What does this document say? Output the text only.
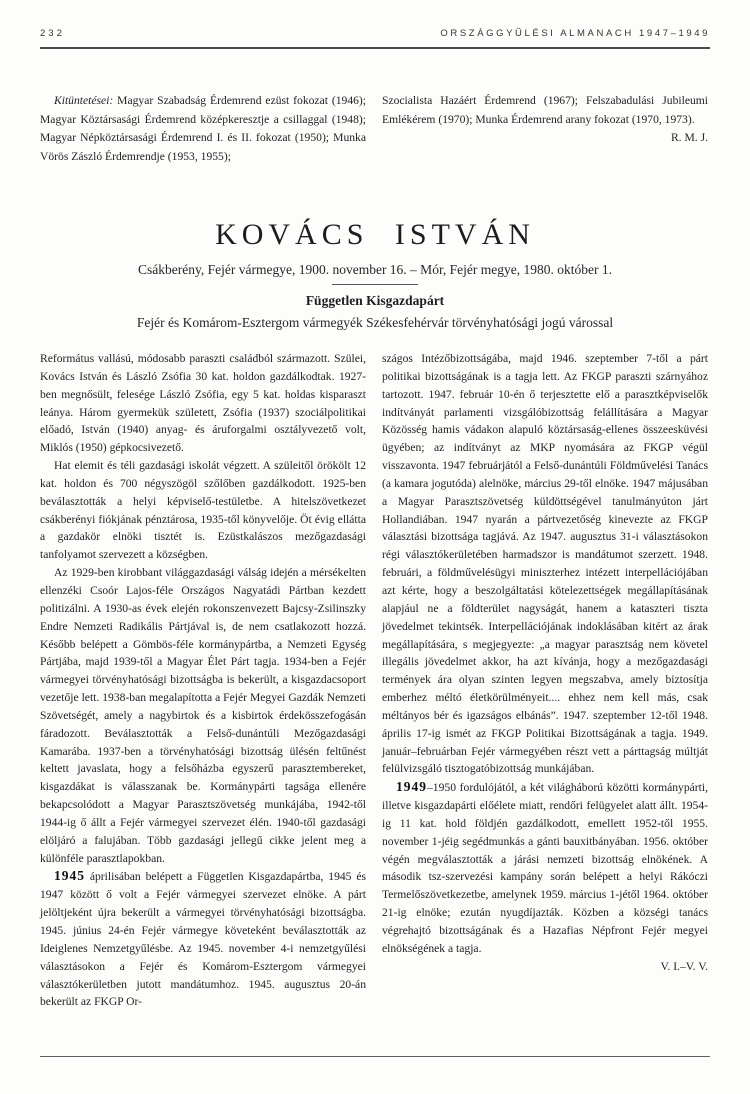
232	ORSZÁGGYŰLÉSI ALMANACH 1947–1949

Kitüntetései: Magyar Szabadság Érdemrend ezüst fokozat (1946); Magyar Köztársasági Érdemrend középkeresztje a csillaggal (1948); Magyar Népköztársasági Érdemrend I. és II. fokozat (1950); Munka Vörös Zászló Érdemrendje (1953, 1955);

Szocialista Hazáért Érdemrend (1967); Felszabadulási Jubileumi Emlékérem (1970); Munka Érdemrend arany fokozat (1970, 1973).

R. M. J.

KOVÁCS ISTVÁN

Csákberény, Fejér vármegye, 1900. november 16. – Mór, Fejér megye, 1980. október 1.

Független Kisgazdapárt

Fejér és Komárom-Esztergom vármegyék Székesfehérvár törvényhatósági jogú várossal

Református vallású, módosabb paraszti családból származott. Szülei, Kovács István és László Zsófia 30 kat. holdon gazdálkodtak. 1927-ben megnősült, felesége László Zsófia, egy 5 kat. holdas kisparaszt leánya. Három gyermekük született, Zsófia (1937) szociálpolitikai előadó, István (1940) anyag- és áruforgalmi osztályvezető volt, Miklós (1950) gépkocsivezető.

Hat elemit és téli gazdasági iskolát végzett. A szüleitől örökölt 12 kat. holdon és 700 négyszögöl szőlőben gazdálkodott. 1925-ben beválasztották a helyi képviselő-testületbe. A hitelszövetkezet csákberényi fiókjának pénztárosa, 1935-től könyvelője. Öt évig ellátta a gazdakör elnöki tisztét is. Ezüstkalászos mezőgazdasági tanfolyamot szervezett a községben.

Az 1929-ben kirobbant világgazdasági válság idején a mérsékelten ellenzéki Csoór Lajos-féle Országos Nagyatádi Pártban kezdett politizálni. A 1930-as évek elején rokonszenvezett Bajcsy-Zsilinszky Endre Nemzeti Radikális Pártjával is, de nem csatlakozott hozzá. Később belépett a Gömbös-féle kormánypártba, a Nemzeti Egység Pártjába, majd 1939-től a Magyar Élet Párt tagja. 1934-ben a Fejér vármegyei törvényhatósági bizottságba is bekerült, a kisgazdacsoport vezetője lett. 1938-ban megalapította a Fejér Megyei Gazdák Nemzeti Szövetségét, amely a nagybirtok és a kisbirtok érdekösszefogásán fáradozott. Beválasztották a Felső-dunántúli Mezőgazdasági Kamarába. 1937-ben a törvényhatósági bizottság ülésén feltűnést keltett javaslata, hogy a felsőházba egyszerű parasztembereket, kisgazdákat is válasszanak be. Kormánypárti tagsága ellenére bekapcsolódott a Magyar Parasztszövetség munkájába, 1942-től 1944-ig ő állt a Fejér vármegyei szervezet élén. 1940-től gazdasági elöljáró a falujában. Több gazdasági jellegű cikke jelent meg a különféle parasztlapokban.

1945 áprilisában belépett a Független Kisgazdapártba, 1945 és 1947 között ő volt a Fejér vármegyei szervezet elnöke. A párt jelöltjeként újra bekerült a vármegyei törvényhatósági bizottságba. 1945. június 24-én Fejér vármegye követeként beválasztották az Ideiglenes Nemzetgyűlésbe. Az 1945. november 4-i nemzetgyűlési választásokon a Fejér és Komárom-Esztergom vármegyei választókerületben jutott mandátumhoz. 1945. augusztus 20-án bekerült az FKGP Or-

szágos Intézőbizottságába, majd 1946. szeptember 7-től a párt politikai bizottságának is a tagja lett. Az FKGP paraszti szárnyához tartozott. 1947. február 10-én ő terjesztette elő a parasztképviselők indítványát parlamenti vizsgálóbizottság felállítására a Magyar Közösség hamis vádakon alapuló köztársaság-ellenes összeesküvési ügyében; az indítványt az MKP nyomására az FKGP végül visszavonta. 1947 februárjától a Felső-dunántúli Földművelési Tanács (a kamara jogutóda) alelnöke, március 29-től elnöke. 1947 májusában a Magyar Parasztszövetség küldöttségével tanulmányúton járt Hollandiában. 1947 nyarán a pártvezetőség kinevezte az FKGP választási bizottsága tagjává. Az 1947. augusztus 31-i választásokon régi választókerületében harmadszor is mandátumot szerzett. 1948. februári, a földművelésügyi miniszterhez intézett interpellációjában azt kérte, hogy a beszolgáltatási kötelezettségek megállapításának alapjául ne a földterület nagyságát, hanem a kataszteri tiszta jövedelmet tekintsék. Interpellációjának indoklásában kitért az árak megállapítására, s megjegyezte: „a magyar parasztság nem követel illegális jövedelmet akkor, ha azt kívánja, hogy a mezőgazdasági termények ára olyan szinten legyen megszabva, amely biztosítja emberhez méltó életkörülményeit.... ehhez nem kell más, csak méltányos bér és igazságos elbánás”. 1947. szeptember 12-től 1948. április 17-ig ismét az FKGP Politikai Bizottságának a tagja. 1949. január–februárban Fejér vármegyében részt vett a párttagság múltját felülvizsgáló tisztogatóbizottság munkájában.

1949–1950 fordulójától, a két világháború közötti kormánypárti, illetve kisgazdapárti előélete miatt, rendőri felügyelet alatt állt. 1954-ig 11 kat. hold földjén gazdálkodott, emellett 1952-től 1955. november 1-jéig segédmunkás a gánti bauxitbányában. 1956. október végén megválasztották a járási nemzeti bizottság elnökének. A második tsz-szervezési kampány során belépett a helyi Rákóczi Termelőszövetkezetbe, amelynek 1959. március 1-jétől 1964. október 21-ig elnöke; ezután nyugdíjazták. Közben a községi tanács végrehajtó bizottságának és a Hazafias Népfront Fejér megyei elnökségének a tagja.

V. I.–V. V.
